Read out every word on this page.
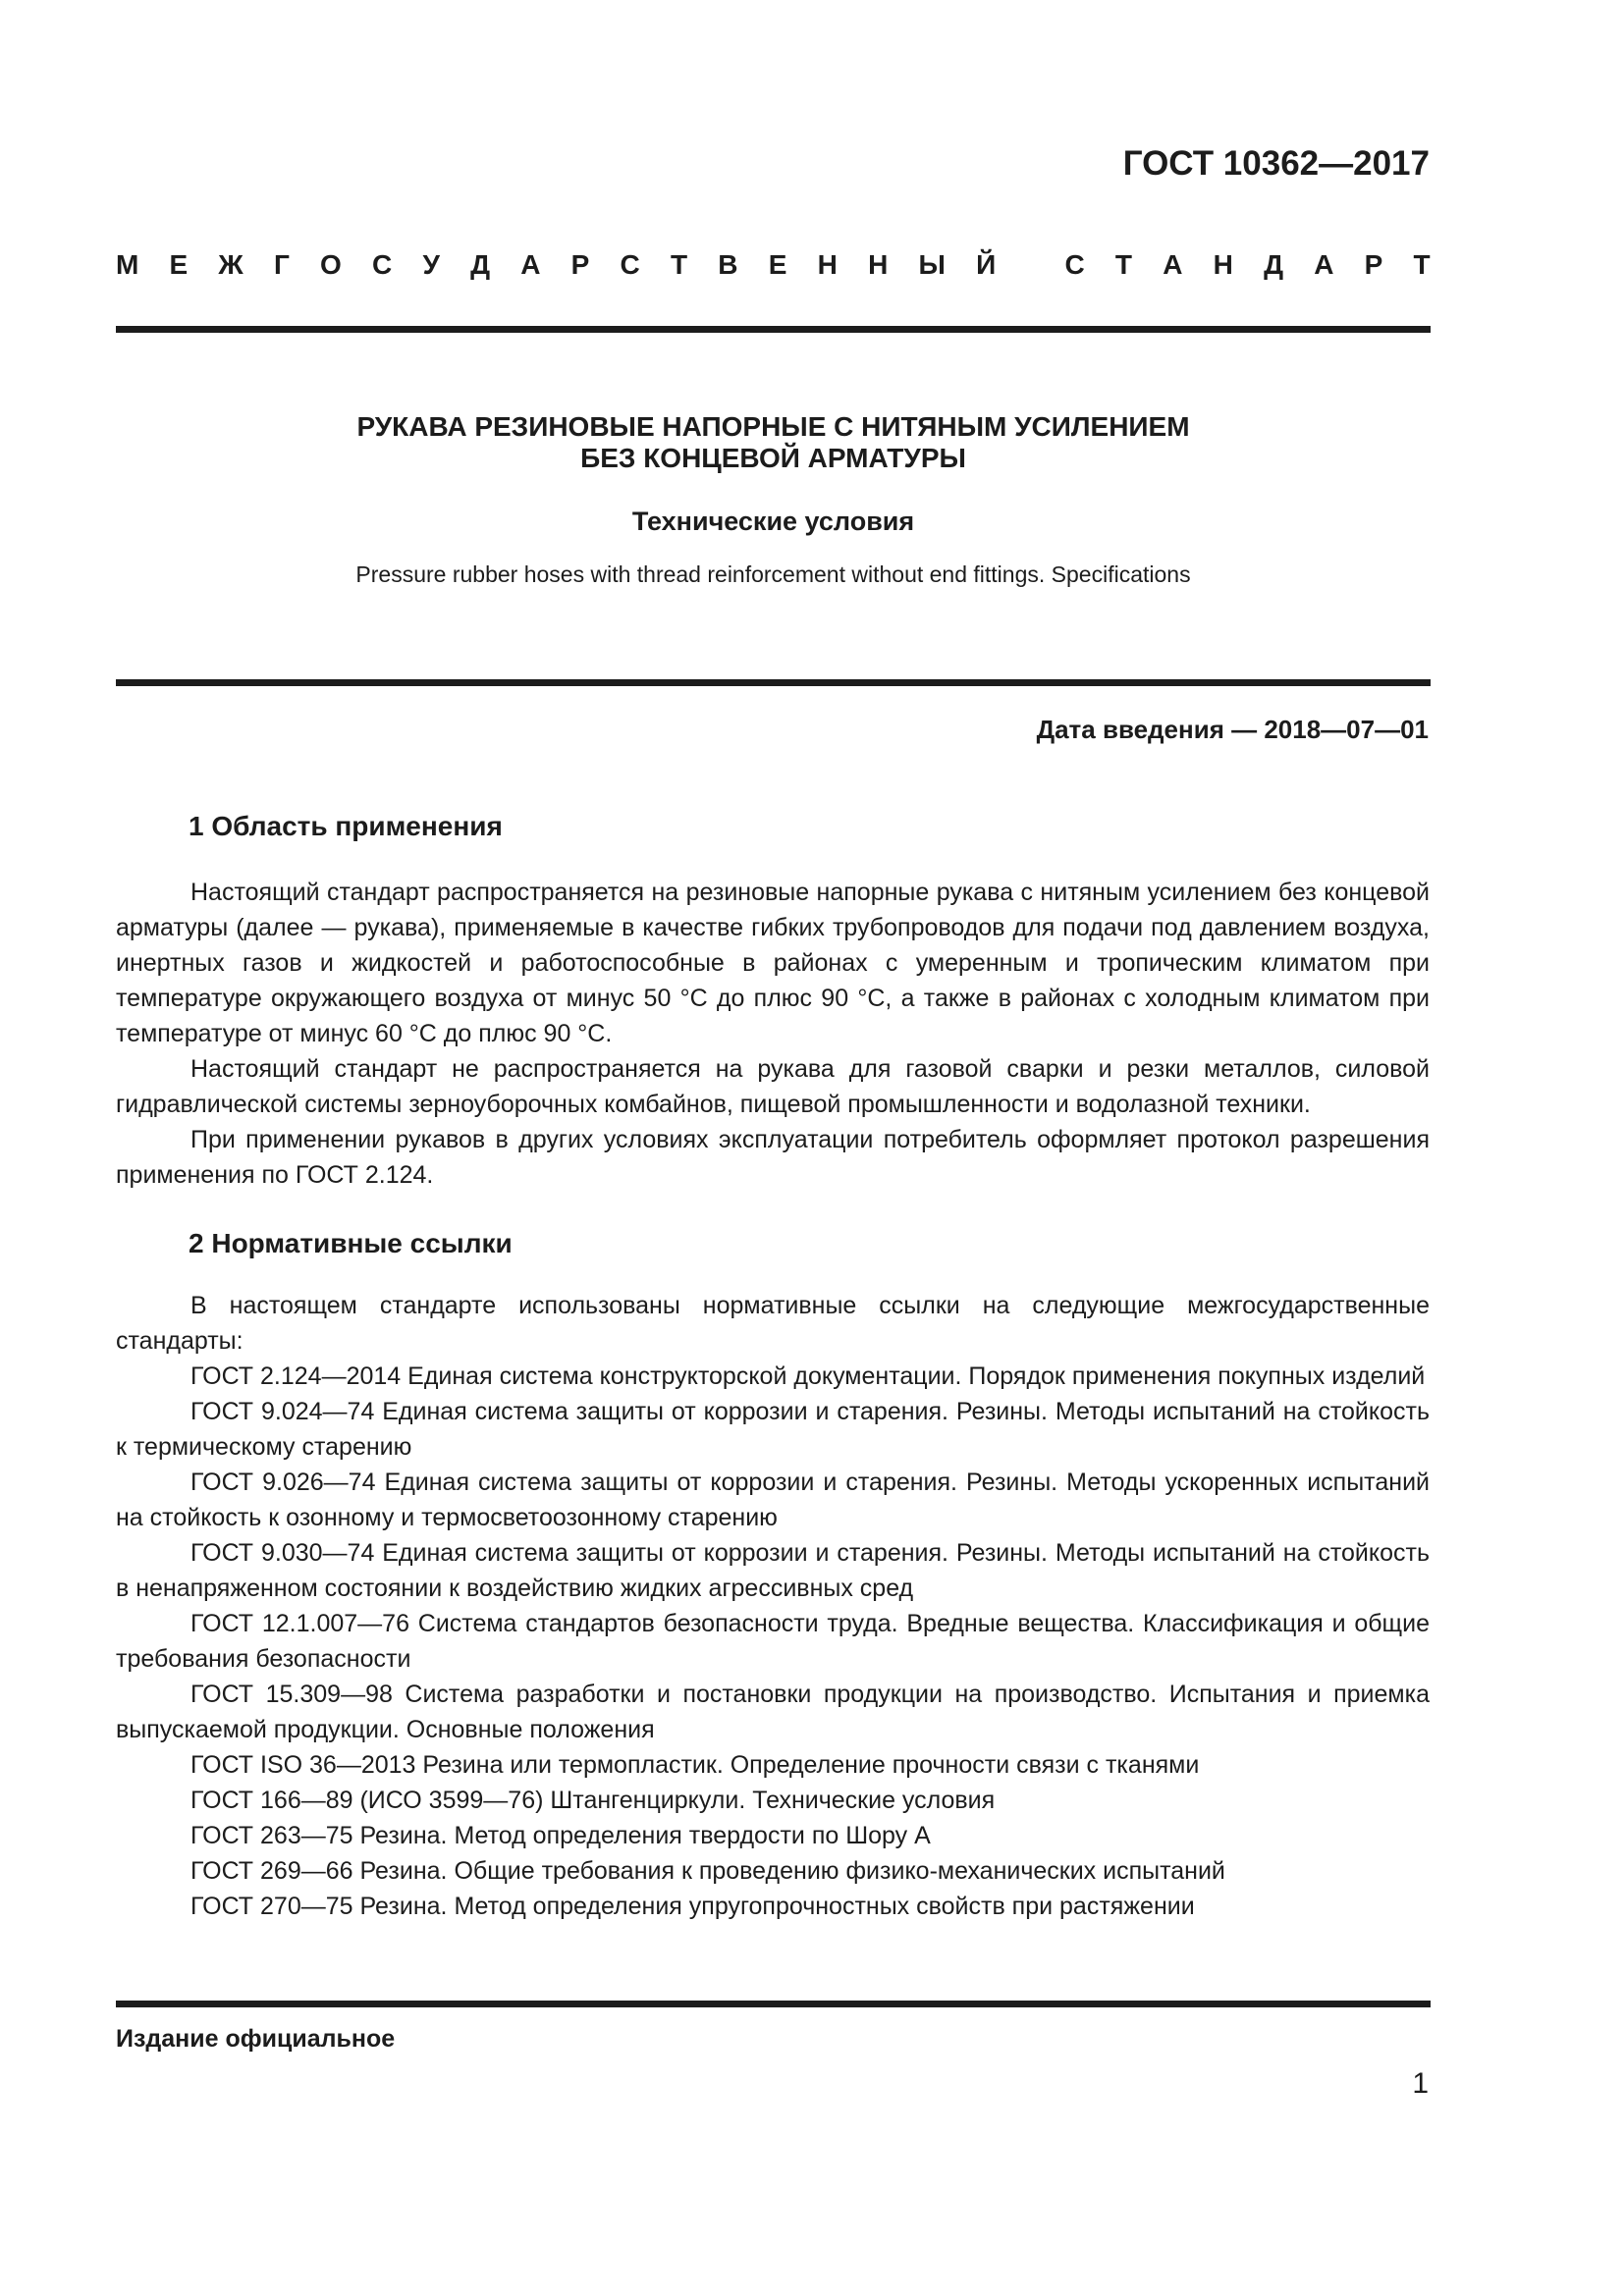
ГОСТ 10362—2017
М Е Ж Г О С У Д А Р С Т В Е Н Н Ы Й
	С Т А Н Д А Р Т
РУКАВА РЕЗИНОВЫЕ НАПОРНЫЕ С НИТЯНЫМ УСИЛЕНИЕМ
БЕЗ КОНЦЕВОЙ АРМАТУРЫ
Технические условия
Pressure rubber hoses with thread reinforcement without end fittings. Specifications
Дата введения — 2018—07—01
1 Область применения

Настоящий стандарт распространяется на резиновые напорные рукава с нитяным усилением без концевой арматуры (далее — рукава), применяемые в качестве гибких трубопроводов для подачи под давлением воздуха, инертных газов и жидкостей и работоспособные в районах с умеренным и тропическим климатом при температуре окружающего воздуха от минус 50 °С до плюс 90 °С, а также в районах с холодным климатом при температуре от минус 60 °С до плюс 90 °С.

Настоящий стандарт не распространяется на рукава для газовой сварки и резки металлов, силовой гидравлической системы зерноуборочных комбайнов, пищевой промышленности и водолазной техники.

При применении рукавов в других условиях эксплуатации потребитель оформляет протокол разрешения применения по ГОСТ 2.124.

2 Нормативные ссылки

В настоящем стандарте использованы нормативные ссылки на следующие межгосударственные стандарты:

ГОСТ 2.124—2014 Единая система конструкторской документации. Порядок применения покупных изделий

ГОСТ 9.024—74 Единая система защиты от коррозии и старения. Резины. Методы испытаний на стойкость к термическому старению

ГОСТ 9.026—74 Единая система защиты от коррозии и старения. Резины. Методы ускоренных испытаний на стойкость к озонному и термосветоозонному старению

ГОСТ 9.030—74 Единая система защиты от коррозии и старения. Резины. Методы испытаний на стойкость в ненапряженном состоянии к воздействию жидких агрессивных сред

ГОСТ 12.1.007—76 Система стандартов безопасности труда. Вредные вещества. Классификация и общие требования безопасности

ГОСТ 15.309—98 Система разработки и постановки продукции на производство. Испытания и приемка выпускаемой продукции. Основные положения

ГОСТ ISO 36—2013 Резина или термопластик. Определение прочности связи с тканями

ГОСТ 166—89 (ИСО 3599—76) Штангенциркули. Технические условия

ГОСТ 263—75 Резина. Метод определения твердости по Шору А

ГОСТ 269—66 Резина. Общие требования к проведению физико-механических испытаний

ГОСТ 270—75 Резина. Метод определения упругопрочностных свойств при растяжении

Издание официальное
1
